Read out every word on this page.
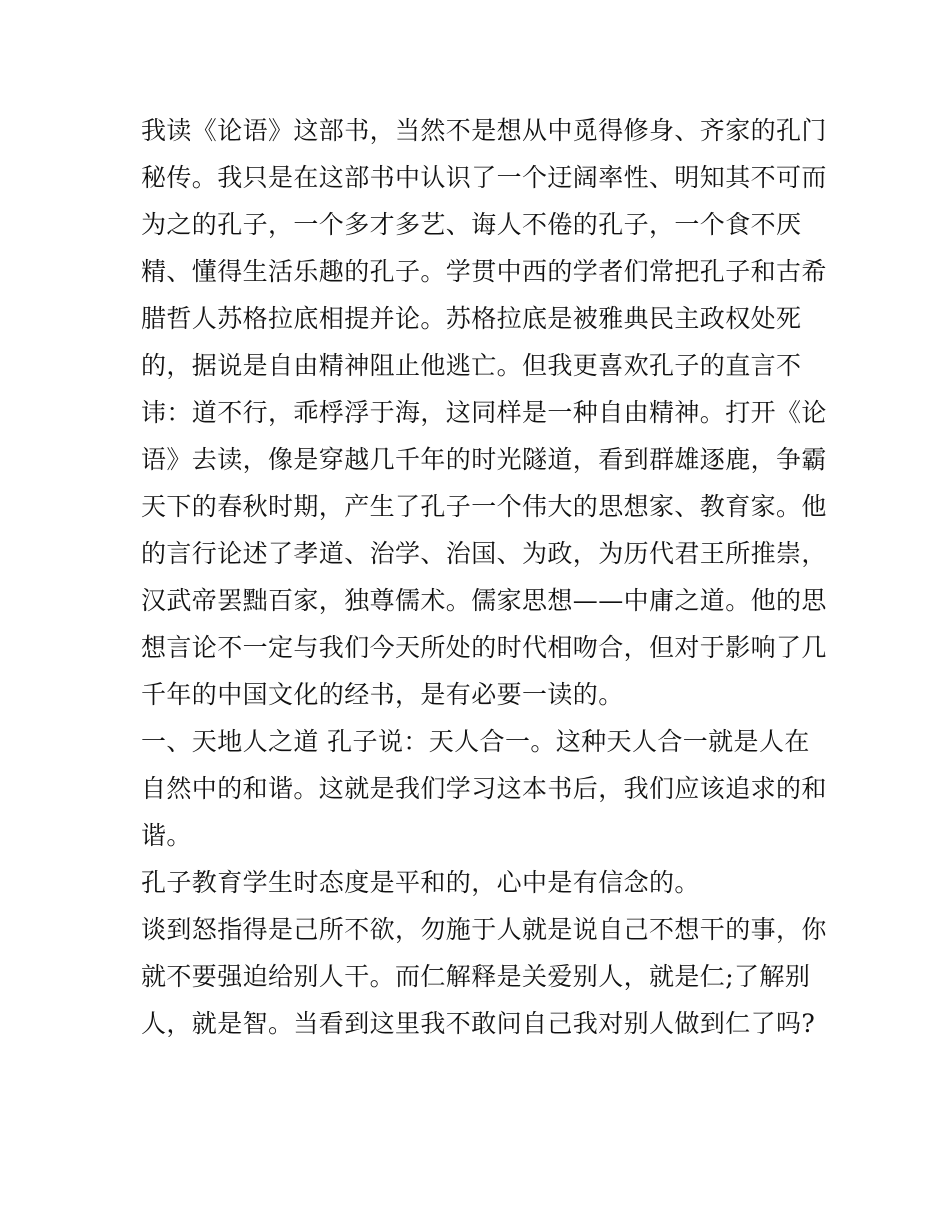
我读《论语》这部书，当然不是想从中觅得修身、齐家的孔门
秘传。我只是在这部书中认识了一个迂阔率性、明知其不可而
为之的孔子，一个多才多艺、诲人不倦的孔子，一个食不厌
精、懂得生活乐趣的孔子。学贯中西的学者们常把孔子和古希
腊哲人苏格拉底相提并论。苏格拉底是被雅典民主政权处死
的，据说是自由精神阻止他逃亡。但我更喜欢孔子的直言不
讳：道不行，乖桴浮于海，这同样是一种自由精神。打开《论
语》去读，像是穿越几千年的时光隧道，看到群雄逐鹿，争霸
天下的春秋时期，产生了孔子一个伟大的思想家、教育家。他
的言行论述了孝道、治学、治国、为政，为历代君王所推崇，
汉武帝罢黜百家，独尊儒术。儒家思想——中庸之道。他的思
想言论不一定与我们今天所处的时代相吻合，但对于影响了几
千年的中国文化的经书，是有必要一读的。
一、天地人之道 孔子说：天人合一。这种天人合一就是人在
自然中的和谐。这就是我们学习这本书后，我们应该追求的和
谐。
孔子教育学生时态度是平和的，心中是有信念的。
谈到怒指得是己所不欲，勿施于人就是说自己不想干的事，你
就不要强迫给别人干。而仁解释是关爱别人，就是仁;了解别
人，就是智。当看到这里我不敢问自己我对别人做到仁了吗?
